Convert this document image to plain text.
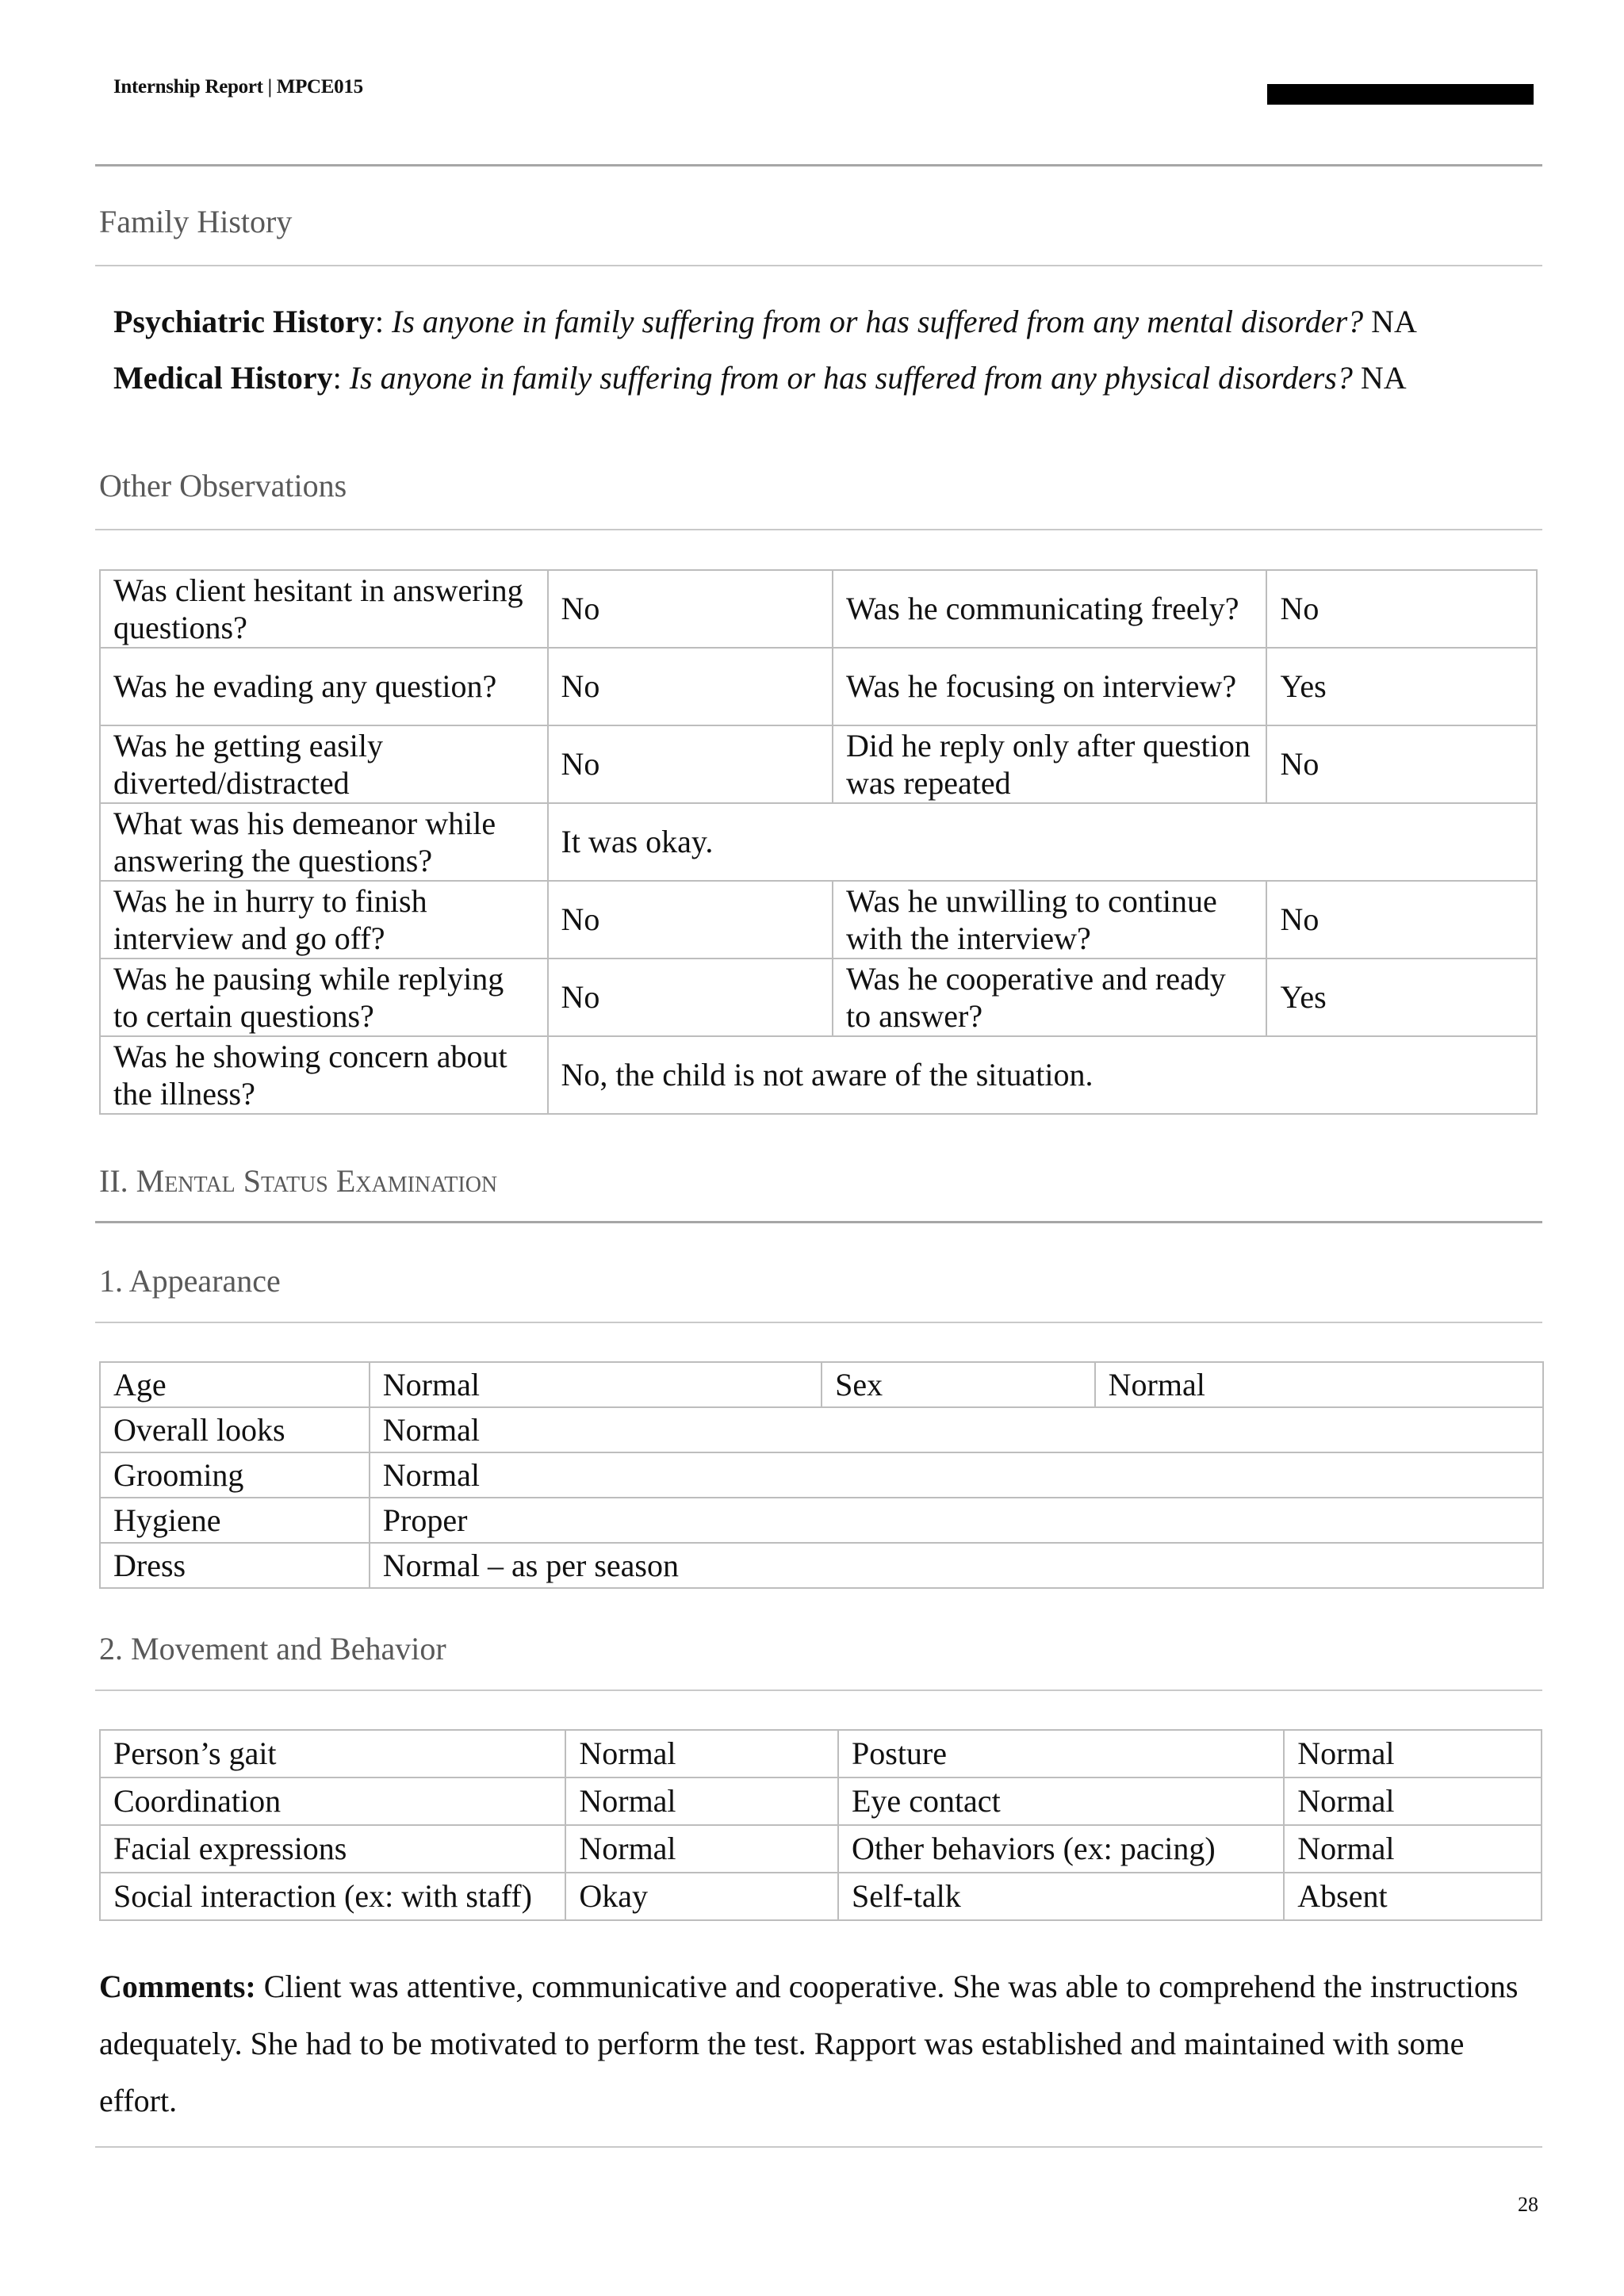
Internship Report | MPCE015
Family History
Psychiatric History: Is anyone in family suffering from or has suffered from any mental disorder? NA
Medical History: Is anyone in family suffering from or has suffered from any physical disorders? NA
Other Observations
Was client hesitant in answering questions?	No	Was he communicating freely?	No
Was he evading any question?	No	Was he focusing on interview?	Yes
Was he getting easily diverted/distracted	No	Did he reply only after question was repeated	No
What was his demeanor while answering the questions?	It was okay.		
Was he in hurry to finish interview and go off?	No	Was he unwilling to continue with the interview?	No
Was he pausing while replying to certain questions?	No	Was he cooperative and ready to answer?	Yes
Was he showing concern about the illness?	No, the child is not aware of the situation.		
II. Mental Status Examination
1. Appearance
Age	Normal	Sex	Normal
Overall looks	Normal		
Grooming	Normal		
Hygiene	Proper		
Dress	Normal – as per season		
2. Movement and Behavior
Person’s gait	Normal	Posture	Normal
Coordination	Normal	Eye contact	Normal
Facial expressions	Normal	Other behaviors (ex: pacing)	Normal
Social interaction (ex: with staff)	Okay	Self-talk	Absent
Comments: Client was attentive, communicative and cooperative. She was able to comprehend the instructions adequately. She had to be motivated to perform the test. Rapport was established and maintained with some effort.
28
